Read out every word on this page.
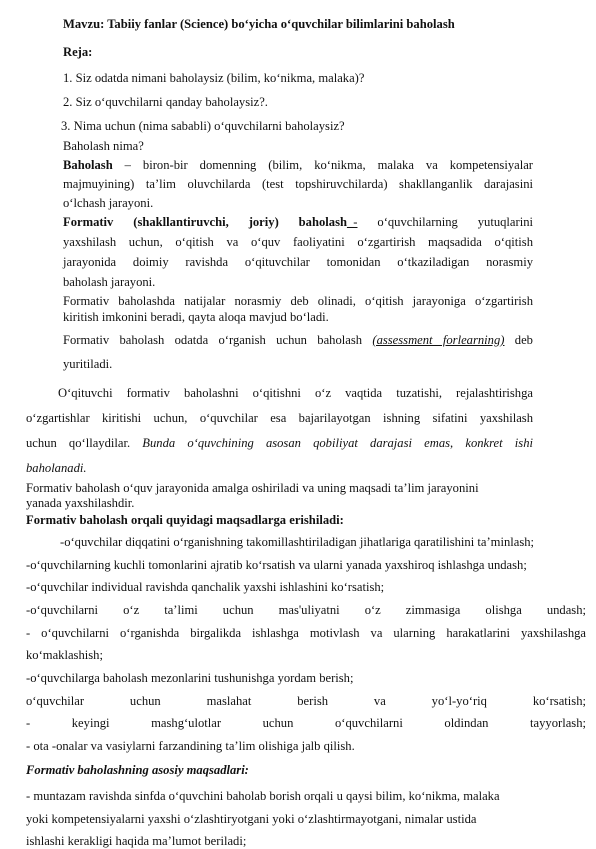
Mavzu: Tabiiy fanlar (Science) bo‘yicha o‘quvchilar bilimlarini baholash
Reja:
1. Siz odatda nimani baholaysiz (bilim, ko‘nikma, malaka)?
2. Siz o‘quvchilarni qanday baholaysiz?.
3. Nima uchun (nima sababli) o‘quvchilarni baholaysiz?
Baholash nima?
Baholash – biron-bir domenning (bilim, ko‘nikma, malaka va kompetensiyalar
majmuyining) ta’lim oluvchilarda (test topshiruvchilarda) shakllanganlik darajasini
o‘lchash jarayoni.
Formativ (shakllantiruvchi, joriy) baholash_- o‘quvchilarning yutuqlarini
yaxshilash uchun, o‘qitish va o‘quv faoliyatini o‘zgartirish maqsadida o‘qitish
jarayonida doimiy ravishda o‘qituvchilar tomonidan o‘tkaziladigan norasmiy
baholash jarayoni.
Formativ baholashda natijalar norasmiy deb olinadi, o‘qitish jarayoniga o‘zgartirish
kiritish imkonini beradi, qayta aloqa mavjud bo‘ladi.
Formativ baholash odatda o‘rganish uchun baholash (assessment forlearning) deb
yuritiladi.
O‘qituvchi formativ baholashni o‘qitishni o‘z vaqtida tuzatishi, rejalashtirishga
o‘zgartishlar kiritishi uchun, o‘quvchilar esa bajarilayotgan ishning sifatini yaxshilash
uchun qo‘llaydilar. Bunda o‘quvchining asosan qobiliyat darajasi emas, konkret ishi
baholanadi.
Formativ baholash o‘quv jarayonida amalga oshiriladi va uning maqsadi ta’lim jarayonini
yanada yaxshilashdir.
Formativ baholash orqali quyidagi maqsadlarga erishiladi:
-o‘quvchilar diqqatini o‘rganishning takomillashtiriladigan jihatlariga qaratilishini ta’minlash;
-o‘quvchilarning kuchli tomonlarini ajratib ko‘rsatish va ularni yanada yaxshiroq ishlashga undash;
-o‘quvchilar individual ravishda qanchalik yaxshi ishlashini ko‘rsatish;
-o‘quvchilarni o‘z ta’limi uchun mas'uliyatni o‘z zimmasiga olishga undash;
- o‘quvchilarni o‘rganishda birgalikda ishlashga motivlash va ularning harakatlarini yaxshilashga
ko‘maklashish;
-o‘quvchilarga baholash mezonlarini tushunishga yordam berish;
o‘quvchilar uchun maslahat berish va yo‘l-yo‘riq ko‘rsatish;
- keyingi mashg‘ulotlar uchun o‘quvchilarni oldindan tayyorlash;
- ota -onalar va vasiylarni farzandining ta’lim olishiga jalb qilish.
Formativ baholashning asosiy maqsadlari:
- muntazam ravishda sinfda o‘quvchini baholab borish orqali u qaysi bilim, ko‘nikma, malaka
yoki kompetensiyalarni yaxshi o‘zlashtiryotgani yoki o‘zlashtirmayotgani, nimalar ustida
ishlashi kerakligi haqida ma’lumot beriladi;
